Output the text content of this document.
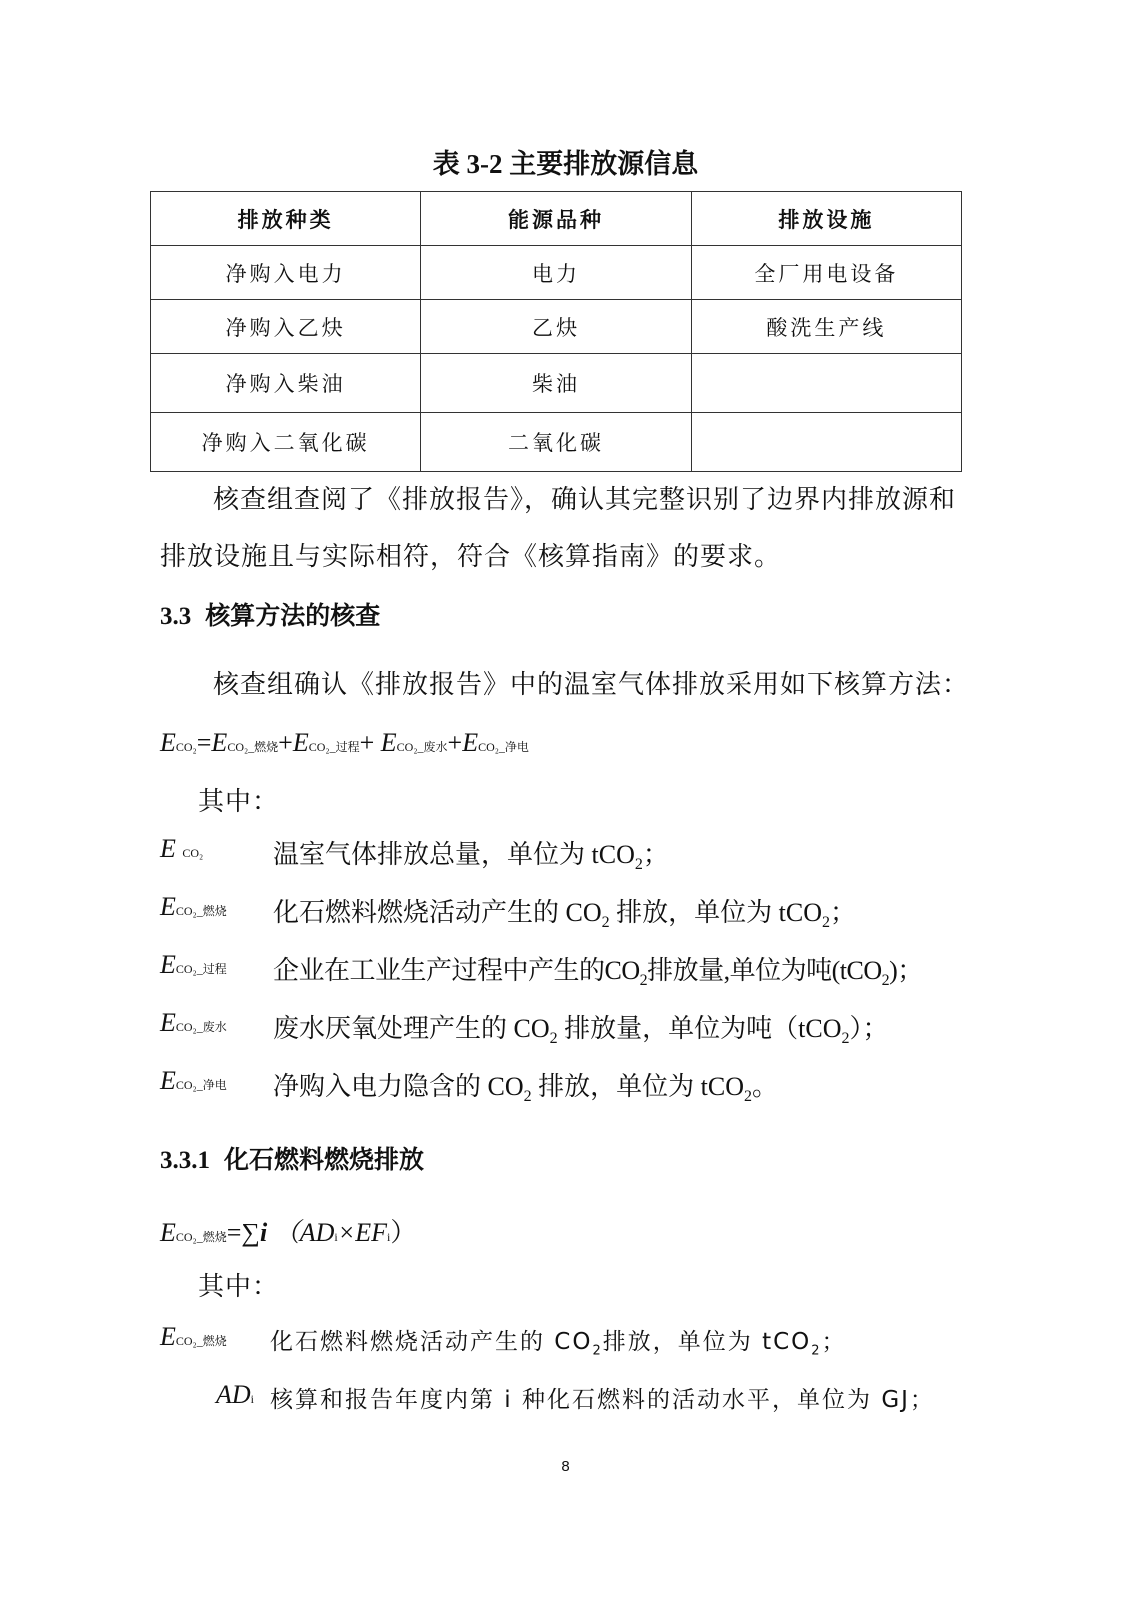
表 3-2 主要排放源信息
排放种类	能源品种	排放设施
净购入电力	电力	全厂用电设备
净购入乙炔	乙炔	酸洗生产线
净购入柴油	柴油	
净购入二氧化碳	二氧化碳	
核查组查阅了《排放报告》，确认其完整识别了边界内排放源和
排放设施且与实际相符，符合《核算指南》的要求。
3.3 核算方法的核查
核查组确认《排放报告》中的温室气体排放采用如下核算方法：
ECO₂=ECO₂_燃烧+ECO₂_过程+ ECO₂_废水+ECO₂_净电
其中：
E CO₂	温室气体排放总量，单位为 tCO$_2$；
ECO₂_燃烧 化石燃料燃烧活动产生的 $CO_2$ 排放，单位为 tCO$_2$；
ECO₂_过程 企业在工业生产过程中产生的$CO_2$排放量,单位为吨(tCO$_2$)；
ECO₂_废水 废水厌氧处理产生的 $CO_2$ 排放量，单位为吨（tCO$_2$）；
ECO₂_净电 净购入电力隐含的 $CO_2$ 排放，单位为 tCO$_2$。
3.3.1 化石燃料燃烧排放
ECO₂_燃烧=∑i （ADi×EFi）
其中：
ECO₂_燃烧 化石燃料燃烧活动产生的 $CO_2$排放，单位为 tCO$_2$；
ADi 核算和报告年度内第 i 种化石燃料的活动水平，单位为 GJ；
8
